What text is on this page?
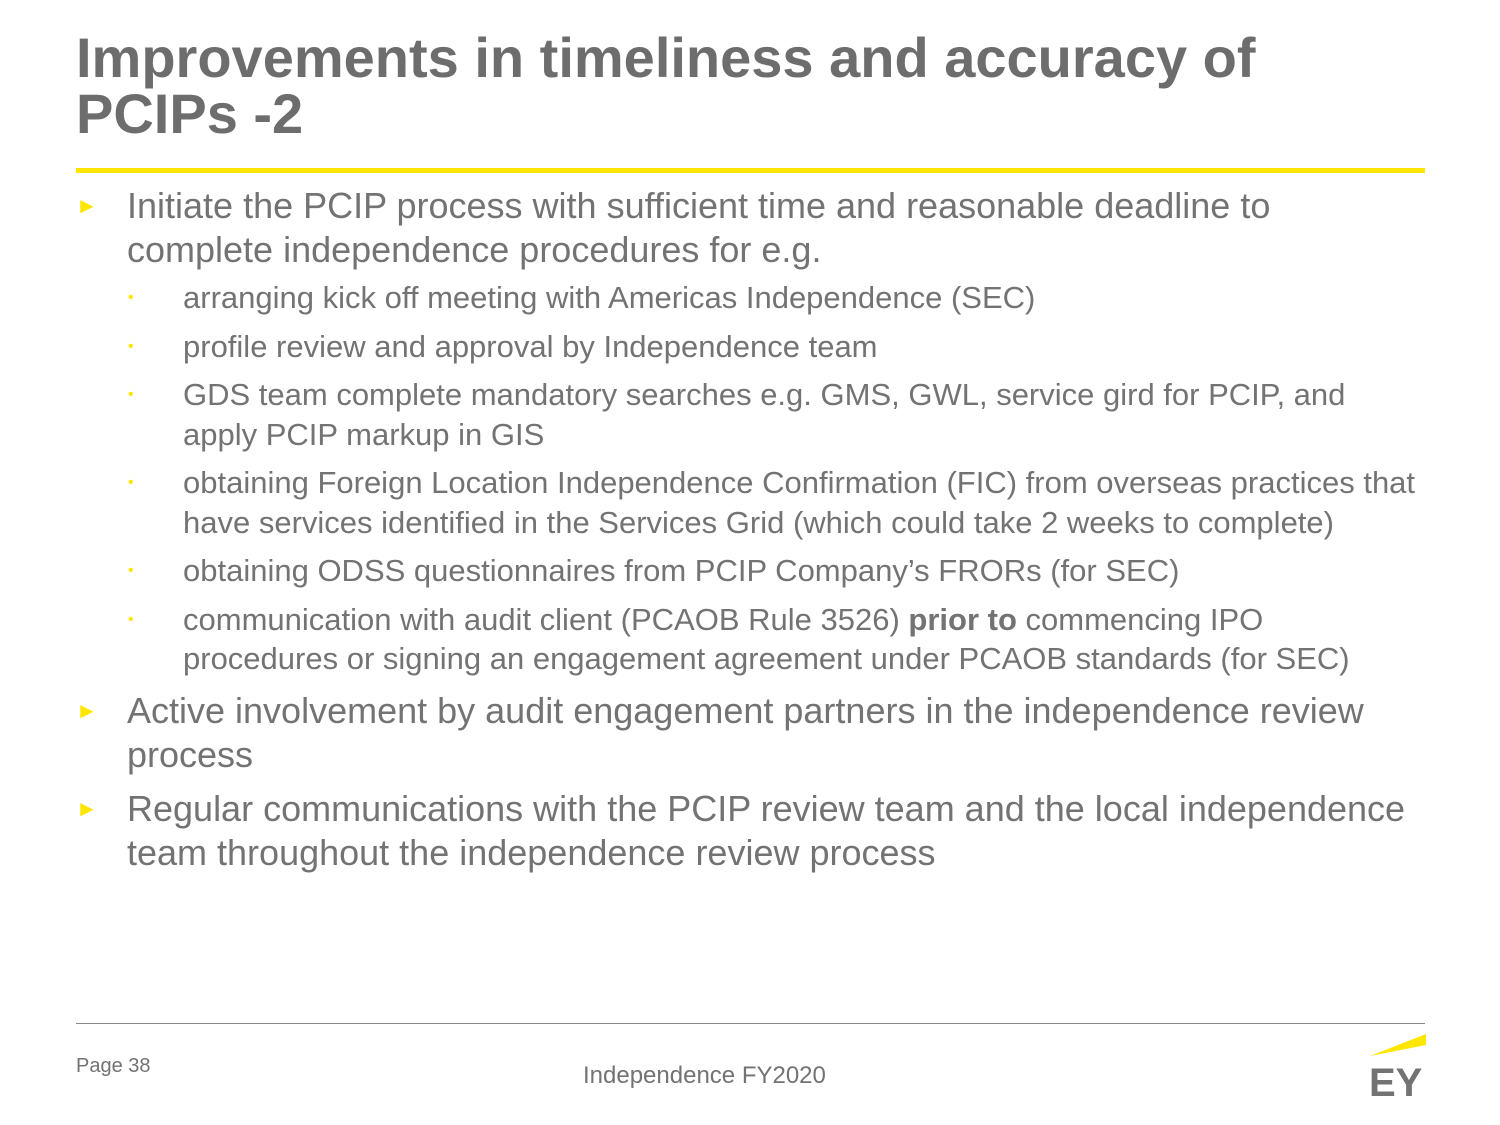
Improvements in timeliness and accuracy of PCIPs -2
► Initiate the PCIP process with sufficient time and reasonable deadline to complete independence procedures for e.g.
• arranging kick off meeting with Americas Independence (SEC)
• profile review and approval by Independence team
• GDS team complete mandatory searches e.g. GMS, GWL, service gird for PCIP, and apply PCIP markup in GIS
• obtaining Foreign Location Independence Confirmation (FIC) from overseas practices that have services identified in the Services Grid (which could take 2 weeks to complete)
• obtaining ODSS questionnaires from PCIP Company’s FRORs (for SEC)
• communication with audit client (PCAOB Rule 3526) prior to commencing IPO procedures or signing an engagement agreement under PCAOB standards (for SEC)
► Active involvement by audit engagement partners in the independence review process
► Regular communications with the PCIP review team and the local independence team throughout the independence review process
Page 38	Independence FY2020	EY
